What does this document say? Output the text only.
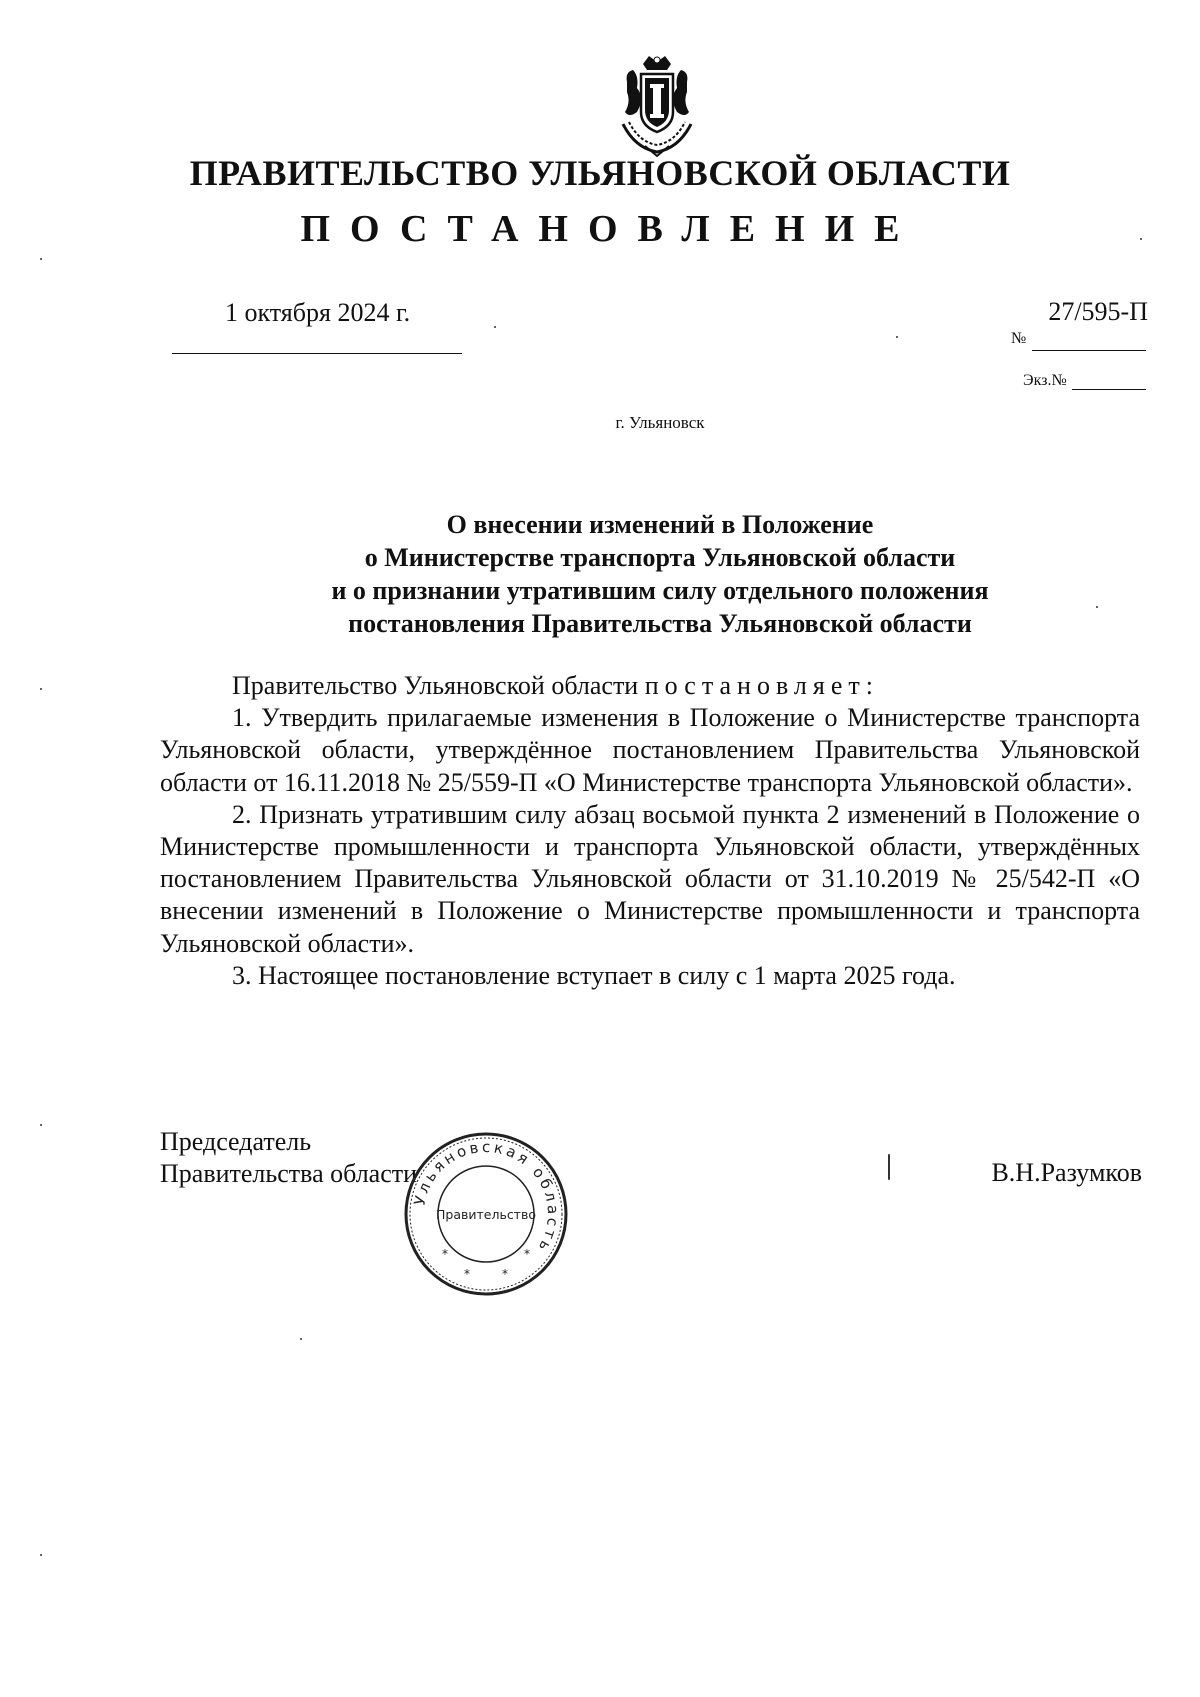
ПРАВИТЕЛЬСТВО УЛЬЯНОВСКОЙ ОБЛАСТИ
ПОСТАНОВЛЕНИЕ
1 октября 2024 г.	27/595-П
№
Экз.№
г. Ульяновск
О внесении изменений в Положение
о Министерстве транспорта Ульяновской области
и о признании утратившим силу отдельного положения
постановления Правительства Ульяновской области
Правительство Ульяновской области постановляет:
1. Утвердить прилагаемые изменения в Положение о Министерстве транспорта Ульяновской области, утверждённое постановлением Правительства Ульяновской области от 16.11.2018 № 25/559-П «О Министерстве транспорта Ульяновской области».
2. Признать утратившим силу абзац восьмой пункта 2 изменений в Положение о Министерстве промышленности и транспорта Ульяновской области, утверждённых постановлением Правительства Ульяновской области от 31.10.2019 № 25/542-П «О внесении изменений в Положение о Министерстве промышленности и транспорта Ульяновской области».
3. Настоящее постановление вступает в силу с 1 марта 2025 года.
Председатель
Правительства области	В.Н.Разумков
Ульяновская область
Правительство
*	*
*	*
